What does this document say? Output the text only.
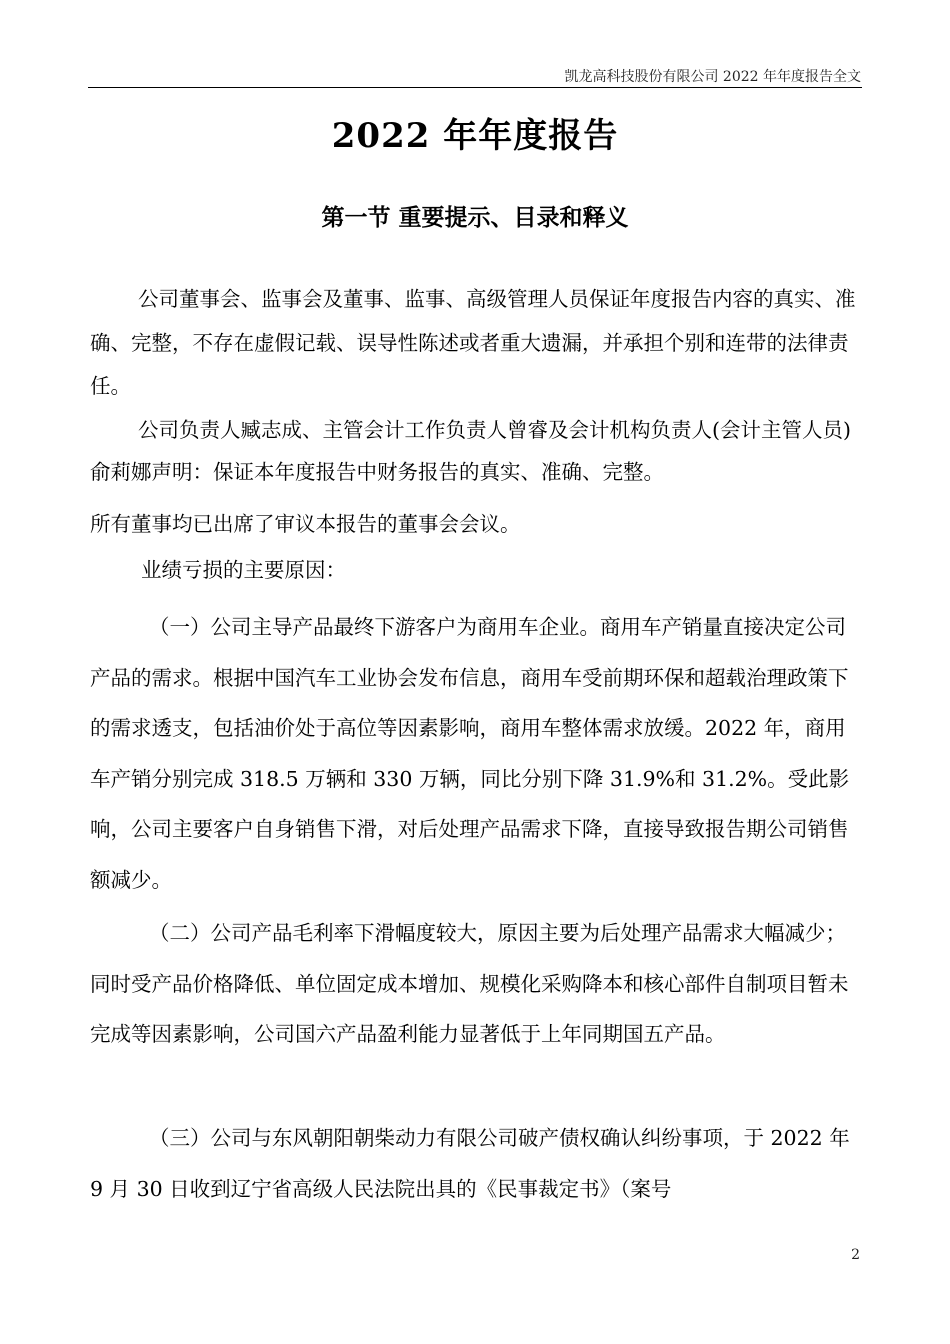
凯龙高科技股份有限公司 2022 年年度报告全文
2022 年年度报告
第一节 重要提示、目录和释义

公司董事会、监事会及董事、监事、高级管理人员保证年度报告内容的真实、准确、完整，不存在虚假记载、误导性陈述或者重大遗漏，并承担个别和连带的法律责任。

公司负责人臧志成、主管会计工作负责人曾睿及会计机构负责人(会计主管人员)俞莉娜声明：保证本年度报告中财务报告的真实、准确、完整。

所有董事均已出席了审议本报告的董事会会议。

业绩亏损的主要原因：

（一）公司主导产品最终下游客户为商用车企业。商用车产销量直接决定公司产品的需求。根据中国汽车工业协会发布信息，商用车受前期环保和超载治理政策下的需求透支，包括油价处于高位等因素影响，商用车整体需求放缓。2022 年，商用车产销分别完成 318.5 万辆和 330 万辆，同比分别下降 31.9%和 31.2%。受此影响，公司主要客户自身销售下滑，对后处理产品需求下降，直接导致报告期公司销售额减少。

（二）公司产品毛利率下滑幅度较大，原因主要为后处理产品需求大幅减少；同时受产品价格降低、单位固定成本增加、规模化采购降本和核心部件自制项目暂未完成等因素影响，公司国六产品盈利能力显著低于上年同期国五产品。

（三）公司与东风朝阳朝柴动力有限公司破产债权确认纠纷事项，于 2022 年 9 月 30 日收到辽宁省高级人民法院出具的《民事裁定书》（案号

2
